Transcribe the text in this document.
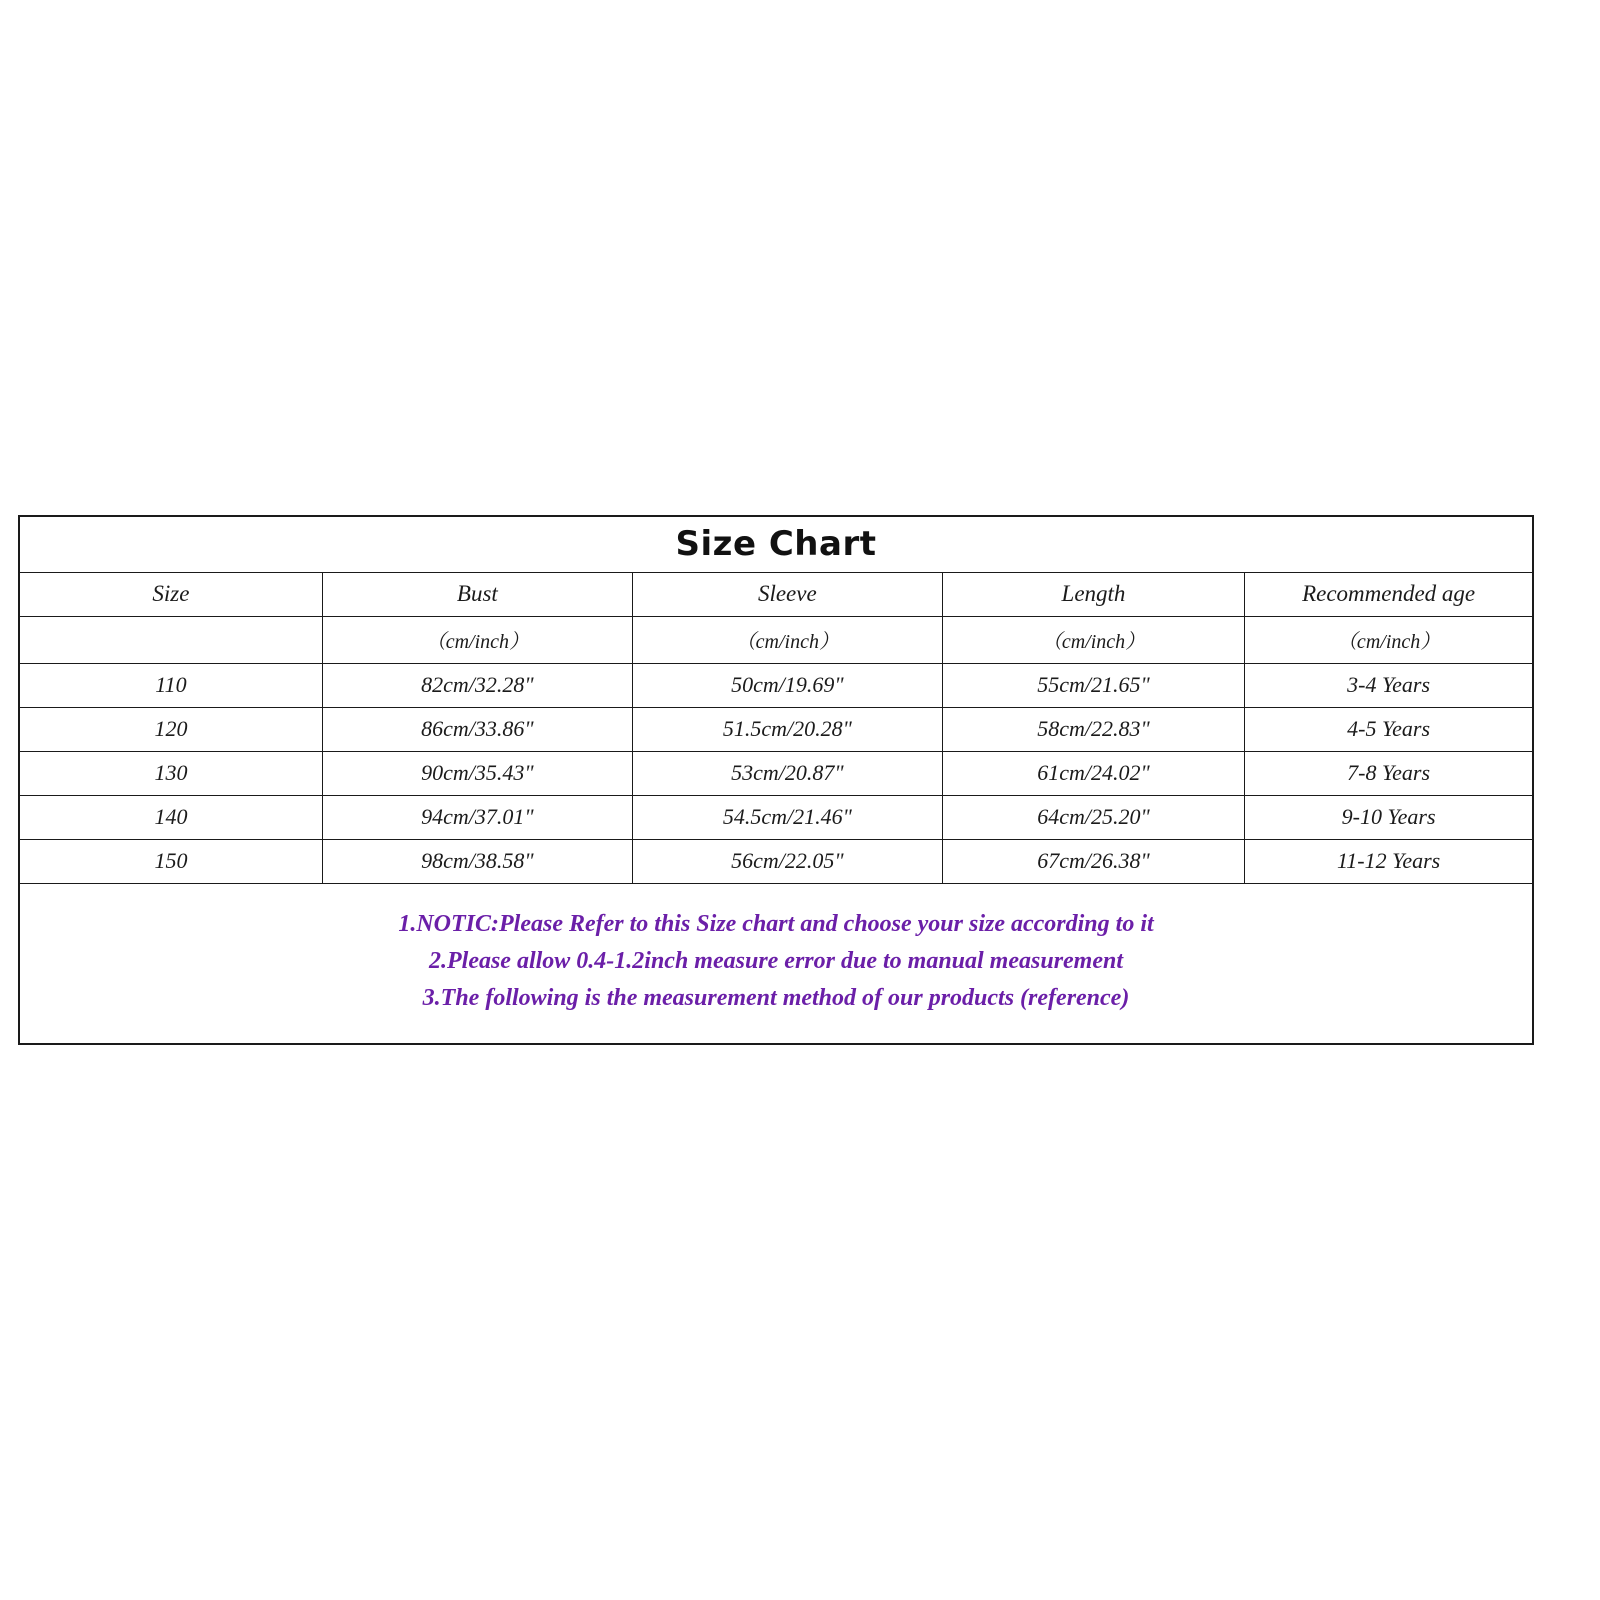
Size Chart
Size	Bust	Sleeve	Length	Recommended age
	（cm/inch）	（cm/inch）	（cm/inch）	（cm/inch）
110	82cm/32.28"	50cm/19.69"	55cm/21.65"	3-4 Years
120	86cm/33.86"	51.5cm/20.28"	58cm/22.83"	4-5 Years
130	90cm/35.43"	53cm/20.87"	61cm/24.02"	7-8 Years
140	94cm/37.01"	54.5cm/21.46"	64cm/25.20"	9-10 Years
150	98cm/38.58"	56cm/22.05"	67cm/26.38"	11-12 Years
1.NOTIC:Please Refer to this Size chart and choose your size according to it
2.Please allow 0.4-1.2inch measure error due to manual measurement
3.The following is the measurement method of our products (reference)
